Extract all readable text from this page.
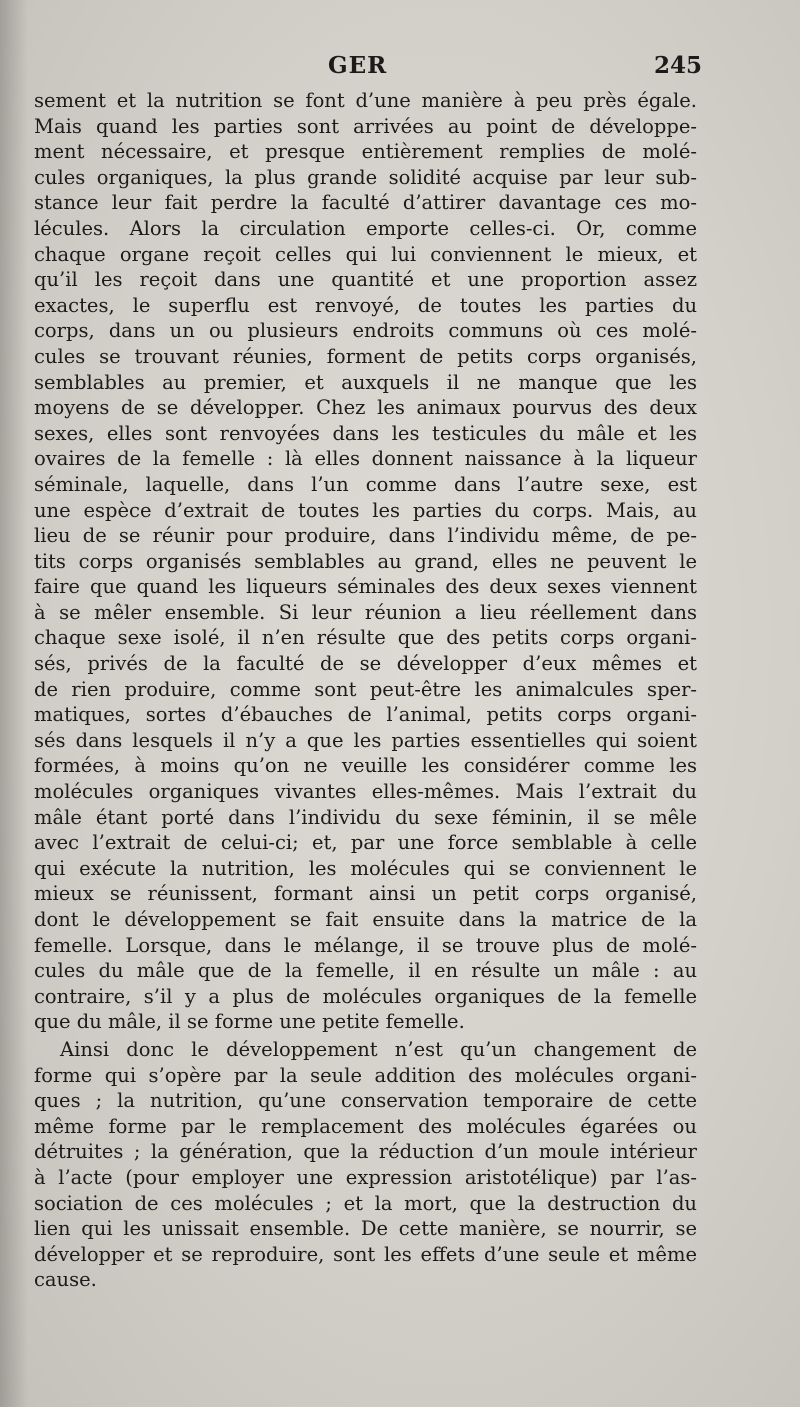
GER	245
sement et la nutrition se font d’une manière à peu près égale.
Mais quand les parties sont arrivées au point de développe-
ment nécessaire, et presque entièrement remplies de molé-
cules organiques, la plus grande solidité acquise par leur sub-
stance leur fait perdre la faculté d’attirer davantage ces mo-
lécules. Alors la circulation emporte celles-ci. Or, comme
chaque organe reçoit celles qui lui conviennent le mieux, et
qu’il les reçoit dans une quantité et une proportion assez
exactes, le superflu est renvoyé, de toutes les parties du
corps, dans un ou plusieurs endroits communs où ces molé-
cules se trouvant réunies, forment de petits corps organisés,
semblables au premier, et auxquels il ne manque que les
moyens de se développer. Chez les animaux pourvus des deux
sexes, elles sont renvoyées dans les testicules du mâle et les
ovaires de la femelle : là elles donnent naissance à la liqueur
séminale, laquelle, dans l’un comme dans l’autre sexe, est
une espèce d’extrait de toutes les parties du corps. Mais, au
lieu de se réunir pour produire, dans l’individu même, de pe-
tits corps organisés semblables au grand, elles ne peuvent le
faire que quand les liqueurs séminales des deux sexes viennent
à se mêler ensemble. Si leur réunion a lieu réellement dans
chaque sexe isolé, il n’en résulte que des petits corps organi-
sés, privés de la faculté de se développer d’eux mêmes et
de rien produire, comme sont peut-être les animalcules sper-
matiques, sortes d’ébauches de l’animal, petits corps organi-
sés dans lesquels il n’y a que les parties essentielles qui soient
formées, à moins qu’on ne veuille les considérer comme les
molécules organiques vivantes elles-mêmes. Mais l’extrait du
mâle étant porté dans l’individu du sexe féminin, il se mêle
avec l’extrait de celui-ci; et, par une force semblable à celle
qui exécute la nutrition, les molécules qui se conviennent le
mieux se réunissent, formant ainsi un petit corps organisé,
dont le développement se fait ensuite dans la matrice de la
femelle. Lorsque, dans le mélange, il se trouve plus de molé-
cules du mâle que de la femelle, il en résulte un mâle : au
contraire, s’il y a plus de molécules organiques de la femelle
que du mâle, il se forme une petite femelle.
Ainsi donc le développement n’est qu’un changement de
forme qui s’opère par la seule addition des molécules organi-
ques ; la nutrition, qu’une conservation temporaire de cette
même forme par le remplacement des molécules égarées ou
détruites ; la génération, que la réduction d’un moule intérieur
à l’acte (pour employer une expression aristotélique) par l’as-
sociation de ces molécules ; et la mort, que la destruction du
lien qui les unissait ensemble. De cette manière, se nourrir, se
développer et se reproduire, sont les effets d’une seule et même
cause.
